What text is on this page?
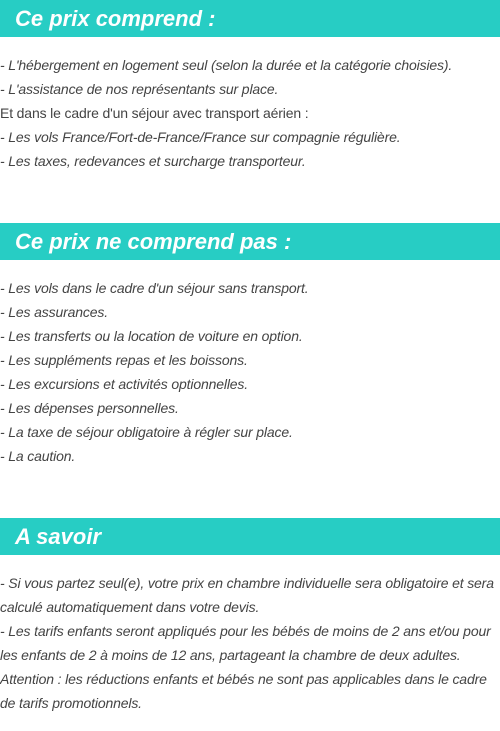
Ce prix comprend :
- L'hébergement en logement seul (selon la durée et la catégorie choisies).
- L'assistance de nos représentants sur place.
Et dans le cadre d'un séjour avec transport aérien :
- Les vols France/Fort-de-France/France sur compagnie régulière.
- Les taxes, redevances et surcharge transporteur.
Ce prix ne comprend pas :
- Les vols dans le cadre d'un séjour sans transport.
- Les assurances.
- Les transferts ou la location de voiture en option.
- Les suppléments repas et les boissons.
- Les excursions et activités optionnelles.
- Les dépenses personnelles.
- La taxe de séjour obligatoire à régler sur place.
- La caution.
A savoir
- Si vous partez seul(e), votre prix en chambre individuelle sera obligatoire et sera calculé automatiquement dans votre devis.
- Les tarifs enfants seront appliqués pour les bébés de moins de 2 ans et/ou pour les enfants de 2 à moins de 12 ans, partageant la chambre de deux adultes.
Attention : les réductions enfants et bébés ne sont pas applicables dans le cadre de tarifs promotionnels.
